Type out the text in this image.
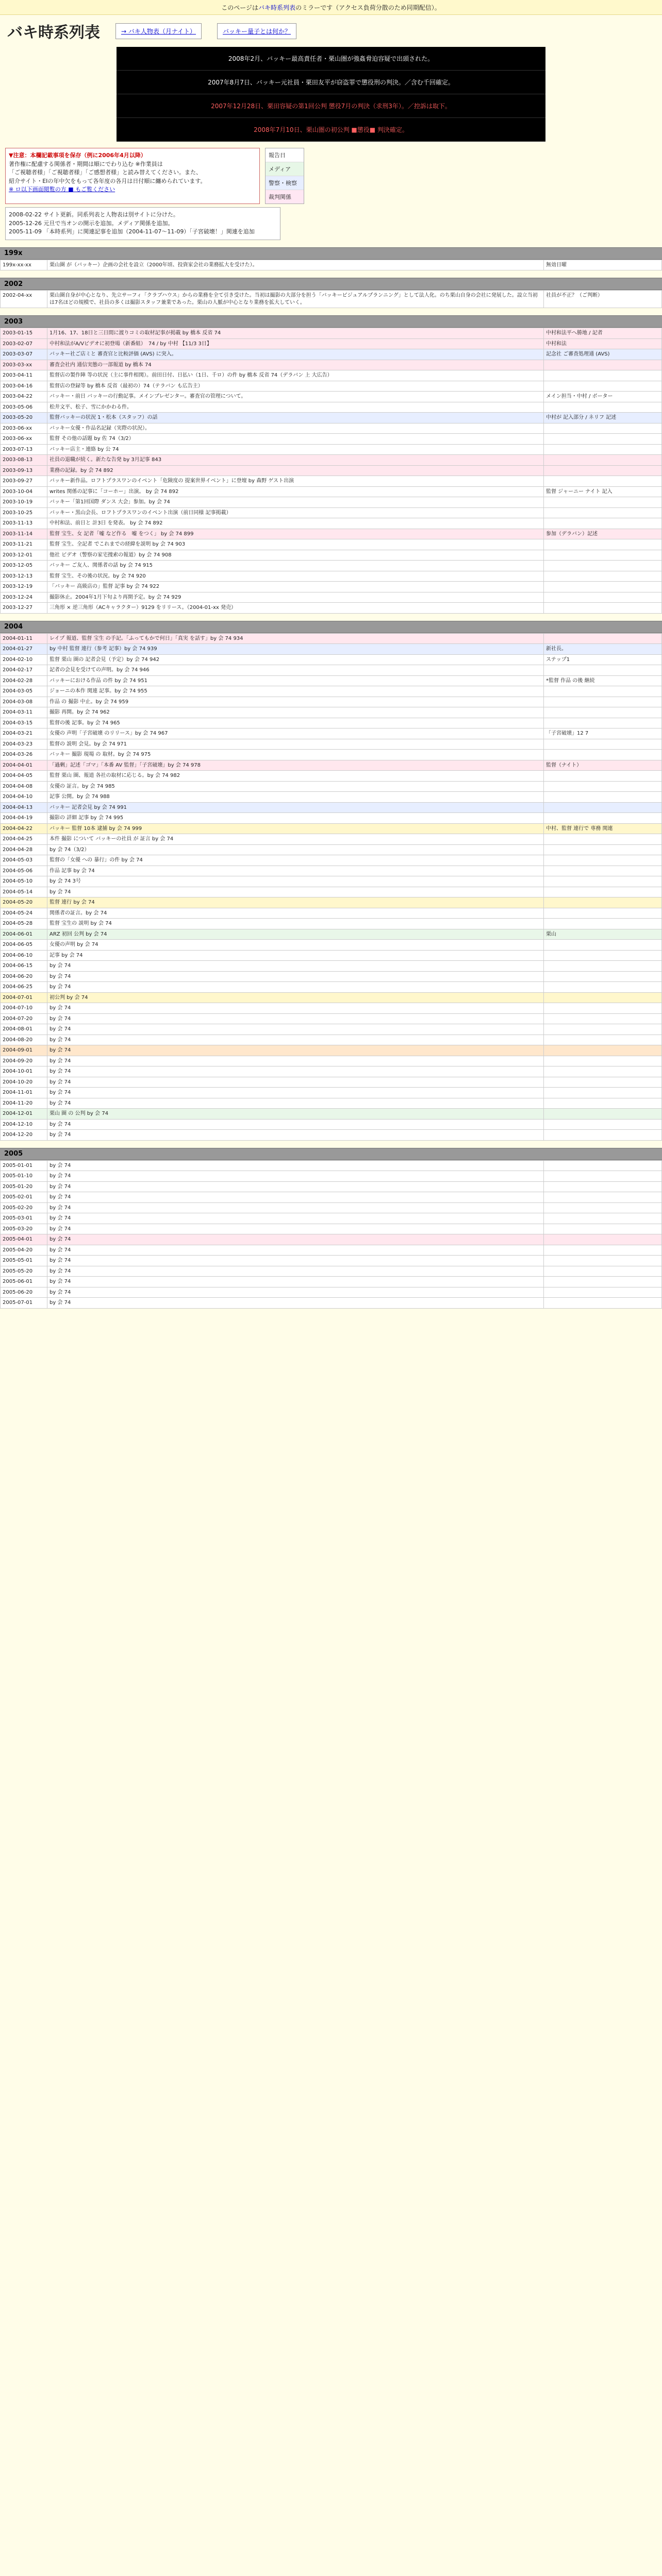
このページは バキ時系列表 のミラーです（アクセス負荷分散のため同期配信）。
バキ時系列表	→ バキ人物表（月ナイト）	バッキー量子とは何か？
2008年2月、バッキー最高責任者・栗山圏が強姦脅迫容疑で出頭された。
2007年8月7日、バッキー元社員・栗田友平が窃盗罪で懲役刑の判決。／含む千回確定。
2007年12月28日、栗田容疑の第1回公判 懲役7月の判決（求刑3年）。／控訴は取下。
2008年7月10日、栗山圏の初公判 ■懲役■ 判決確定。
▼注意：本欄記載事項を保存（例に2006年4月以降）
著作権に配慮する関係者・期間は順にでわり込む ※作業員は
「ご視聴者様」「ご視聴者様」「ご感想者様」と読み替えてください。また、
紹介サイト・EIの年中欠をもって各年度の各月は日付順に纏められています。
※ ロ以下画面閲覧の方 ■ もご覧ください
報告日
メディア
警察・検察
裁判関係
2008-02-22 サイト更新。同系列表と人物表は別サイトに分けた。
2005-12-26 元旦で当オンの開示を追加。メディア関係を追加。
2005-11-09 「本時系列」に関連記事を追加（2004-11-07〜11-09）「子宮破壊！」関連を追加
199x
199x-xx-xx	栗山圏 が（バッキー）企画の会社を設立（2000年頃、投資家会社の業務拡大を受けた）。	無効日曜
2002
2002-04-xx	栗山圏自身が中心となり、先立サーフィ「クラブハウス」からの業務を全て引き受けた。当初は撮影の大部分を担う「バッキービジュアルプランニング」として法人化。のち栗山自身の会社に発展した。設立当初は7名ほどの規模で、社員の多くは撮影スタッフ兼業であった。栗山の人脈が中心となり業務を拡大していく。	社員が不正？（ご判断）
2003
2003-01-15	1月16、17、18日と三日間に渡りコミの取材記事が掲載 by 橋本 反省 74	中村和法平へ勝地 / 記者
2003-02-07	中村和法がA/Vビデオに初登場（新番組）　74 / by 中村 【11/3 3日】	中村和法
2003-03-07	バッキー社ご店ミと 審査官と比較評価 (AVS) に突入。	記念社 ご審査処理通 (AVS)
2003-03-xx	審査会社内 通信実態の一部報道 by 橋本 74	
2003-04-11	監督店の製作陣 等の状況（主に事件相関）。前田日付、日払い（1日、千ロ）の件 by 橋本 反省 74（デラバン 上 大広告）	
2003-04-16	監督店の登録等 by 橋本 反省（最初の）74（テラバン も広告主）	
2003-04-22	バッキー・前日 バッキーの行動記事。メインプレゼンター。審査官の管理について。	メイン担当・中村 / ボーター
2003-05-06	松井文平、松子、雪にかかわる件。	
2003-05-20	監督バッキーの状況 1・松本（スタッフ）の話	中村が 記入部分 / ネリフ 記述
2003-06-xx	バッキー女優・作品名記録（実際の状況）。	
2003-06-xx	監督 その他の話題 by 佐 74（3/2）	
2003-07-13	バッキー店主・連絡 by 公 74	
2003-08-13	社員の退職が続く。新たな告発 by 3月記事 843	
2003-09-13	業務の記録。by 会 74 892	
2003-09-27	バッキー新作品。ロフトプラスワンのイベント「危険度の 提案世界イベント」に登壇 by 森野 ゲスト出演	
2003-10-04	writes 関係の記事に「コーホー」出演。 by 会 74 892	監督 ジャーニー ナイト 記入
2003-10-19	バッキー「第1回国際 ダンス 大会」参加。by 会 74	
2003-10-25	バッキー・黒山会長、ロフトプラスワンのイベント出演（前日同様 記事掲載）	
2003-11-13	中村和法、前日と 計3日 を発表。 by 会 74 892	
2003-11-14	監督 宝生、女 記者「嘘 など作る　嘘 をつく」 by 会 74 899	参加（デラバン）記述
2003-11-21	監督 宝生、全記者 でこれまでの経緯を説明 by 会 74 903	
2003-12-01	他社 ビデオ（警察の家宅捜索の報道）by 会 74 908	
2003-12-05	バッキー ご友人、関係者の話 by 会 74 915	
2003-12-13	監督 宝生、その後の状況。by 会 74 920	
2003-12-19	「バッキー 高級店の」監督 記事 by 会 74 922	
2003-12-24	撮影休止。2004年1月下旬より再開予定。by 会 74 929	
2003-12-27	三角形 × 逆三角形（ACキャラクター）9129 をリリース。（2004-01-xx 発売）	
2004
2004-01-11	レイプ 報道、監督 宝生 の手記。「ふってもかで何日」「真実 を話す」by 会 74 934	
2004-01-27	by 中村 監督 連行（参考 記事）by 会 74 939	新社長。
2004-02-10	監督 栗山 圏の 記者会見（予定）by 会 74 942	ステップ1
2004-02-17	記者の会見を受けての声明。by 会 74 946	
2004-02-28	バッキーにおける作品 の件 by 会 74 951	*監督 作品 の後 継続
2004-03-05	ジョーニの本作 関連 記事。by 会 74 955	
2004-03-08	作品 の 撮影 中止。by 会 74 959	
2004-03-11	撮影 再開。by 会 74 962	
2004-03-15	監督の後 記事。by 会 74 965	
2004-03-21	女優の 声明「子宮破壊 のリリース」by 会 74 967	「子宮破壊」12 7
2004-03-23	監督の 説明 会見。by 会 74 971	
2004-03-26	バッキー 撮影 現場 の 取材。by 会 74 975	
2004-04-01	「過剰」記述「ゴマ」「本番 AV 監督」「子宮破壊」by 会 74 978	監督（ナイト）
2004-04-05	監督 栗山 圏、報道 各社の取材に応じる。by 会 74 982	
2004-04-08	女優の 証言。by 会 74 985	
2004-04-10	記事 公開。by 会 74 988	
2004-04-13	バッキー 記者会見 by 会 74 991	
2004-04-19	撮影の 詳細 記事 by 会 74 995	
2004-04-22	バッキー 監督 10本 逮捕 by 会 74 999	中村、監督 連行で 専務 関連
2004-04-25	本件 撮影 について バッキーの社員 が 証言 by 会 74	
2004-04-28	by 会 74（3/2）	
2004-05-03	監督の「女優 への 暴行」の件 by 会 74	
2004-05-06	作品 記事 by 会 74	
2004-05-10	by 会 74 3号	
2004-05-14	by 会 74	
2004-05-20	監督 連行 by 会 74	
2004-05-24	関係者の証言。by 会 74	
2004-05-28	監督 宝生の 説明 by 会 74	
2004-06-01	ARZ 初回 公判 by 会 74	栗山
2004-06-05	女優の声明 by 会 74	
2004-06-10	記事 by 会 74	
2004-06-15	by 会 74	
2004-06-20	by 会 74	
2004-06-25	by 会 74	
2004-07-01	初公判 by 会 74	
2004-07-10	by 会 74	
2004-07-20	by 会 74	
2004-08-01	by 会 74	
2004-08-20	by 会 74	
2004-09-01	by 会 74	
2004-09-20	by 会 74	
2004-10-01	by 会 74	
2004-10-20	by 会 74	
2004-11-01	by 会 74	
2004-11-20	by 会 74	
2004-12-01	栗山 圏 の 公判 by 会 74	
2004-12-10	by 会 74	
2004-12-20	by 会 74	
2005
2005-01-01	by 会 74	
2005-01-10	by 会 74	
2005-01-20	by 会 74	
2005-02-01	by 会 74	
2005-02-20	by 会 74	
2005-03-01	by 会 74	
2005-03-20	by 会 74	
2005-04-01	by 会 74	
2005-04-20	by 会 74	
2005-05-01	by 会 74	
2005-05-20	by 会 74	
2005-06-01	by 会 74	
2005-06-20	by 会 74	
2005-07-01	by 会 74	
